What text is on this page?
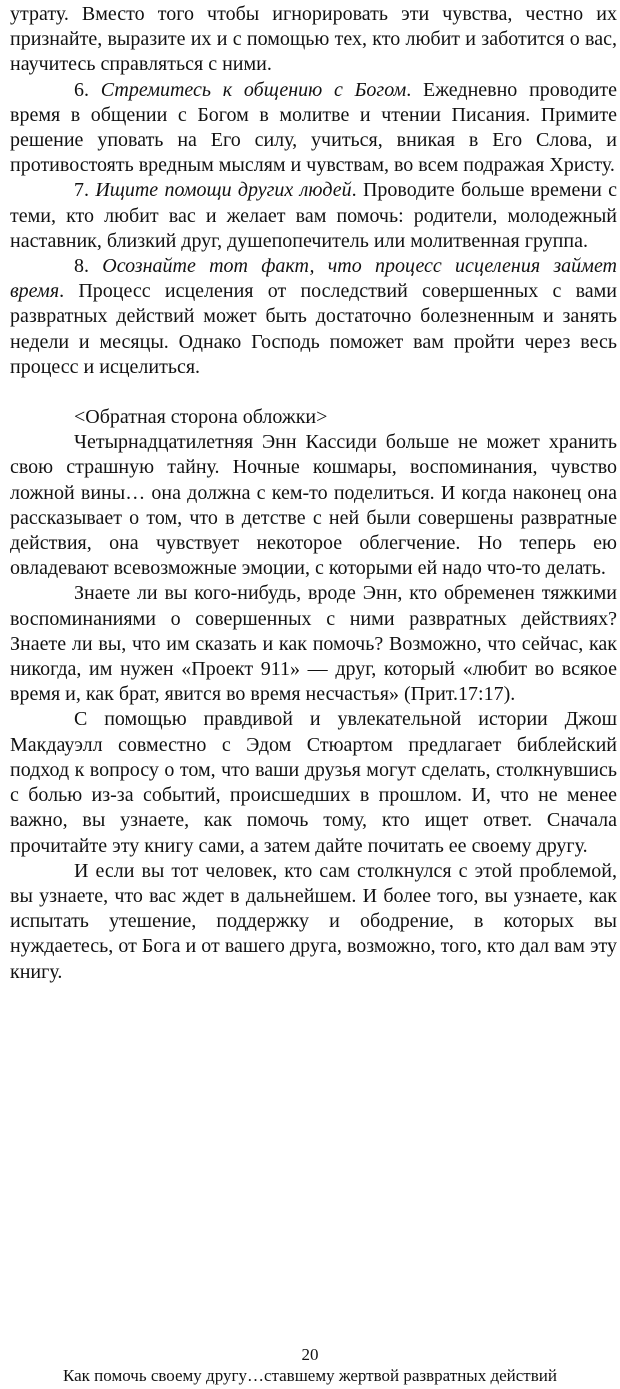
утрату. Вместо того чтобы игнорировать эти чувства, честно их признайте, выразите их и с помощью тех, кто любит и заботится о вас, научитесь справляться с ними.

6. Стремитесь к общению с Богом. Ежедневно проводите время в общении с Богом в молитве и чтении Писания. Примите решение уповать на Его силу, учиться, вникая в Его Слова, и противостоять вредным мыслям и чувствам, во всем подражая Христу.

7. Ищите помощи других людей. Проводите больше времени с теми, кто любит вас и желает вам помочь: родители, молодежный наставник, близкий друг, душепопечитель или молитвенная группа.

8. Осознайте тот факт, что процесс исцеления займет время. Процесс исцеления от последствий совершенных с вами развратных действий может быть достаточно болезненным и занять недели и месяцы. Однако Господь поможет вам пройти через весь процесс и исцелиться.

<Обратная сторона обложки>

Четырнадцатилетняя Энн Кассиди больше не может хранить свою страшную тайну. Ночные кошмары, воспоминания, чувство ложной вины… она должна с кем-то поделиться. И когда наконец она рассказывает о том, что в детстве с ней были совершены развратные действия, она чувствует некоторое облегчение. Но теперь ею овладевают всевозможные эмоции, с которыми ей надо что-то делать.

Знаете ли вы кого-нибудь, вроде Энн, кто обременен тяжкими воспоминаниями о совершенных с ними развратных действиях? Знаете ли вы, что им сказать и как помочь? Возможно, что сейчас, как никогда, им нужен «Проект 911» — друг, который «любит во всякое время и, как брат, явится во время несчастья» (Прит.17:17).

С помощью правдивой и увлекательной истории Джош Макдауэлл совместно с Эдом Стюартом предлагает библейский подход к вопросу о том, что ваши друзья могут сделать, столкнувшись с болью из-за событий, происшедших в прошлом. И, что не менее важно, вы узнаете, как помочь тому, кто ищет ответ. Сначала прочитайте эту книгу сами, а затем дайте почитать ее своему другу.

И если вы тот человек, кто сам столкнулся с этой проблемой, вы узнаете, что вас ждет в дальнейшем. И более того, вы узнаете, как испытать утешение, поддержку и ободрение, в которых вы нуждаетесь, от Бога и от вашего друга, возможно, того, кто дал вам эту книгу.

20
Как помочь своему другу…ставшему жертвой развратных действий
